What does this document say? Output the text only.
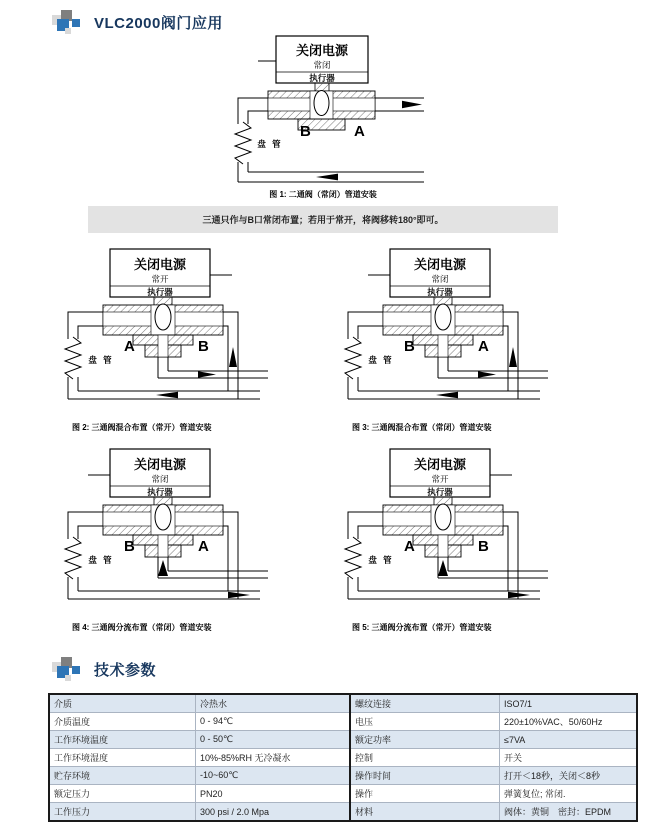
VLC2000阀门应用
关闭电源
常闭
执行器
B	A
盘 管
图 1: 二通阀（常闭）管道安装
三通只作与B口常闭布置；若用于常开，将阀移转180°即可。
关闭电源
常开
执行器
A	B
盘 管
图 2: 三通阀混合布置（常开）管道安装
关闭电源
常闭
执行器
B	A
盘 管
图 3: 三通阀混合布置（常闭）管道安装
关闭电源
常闭
执行器
B	A
盘 管
图 4: 三通阀分流布置（常闭）管道安装
关闭电源
常开
执行器
A	B
盘 管
图 5: 三通阀分流布置（常开）管道安装
技术参数
介质	冷热水	螺纹连接	ISO7/1
介质温度	0 - 94℃	电压	220±10%VAC、50/60Hz
工作环境温度	0 - 50℃	额定功率	≤7VA
工作环境湿度	10%-85%RH 无冷凝水	控制	开关
贮存环境	-10~60℃	操作时间	打开＜18秒，关闭＜8秒
额定压力	PN20	操作	弹簧复位; 常闭.
工作压力	300 psi / 2.0 Mpa	材料	阀体：黄铜　密封：EPDM
